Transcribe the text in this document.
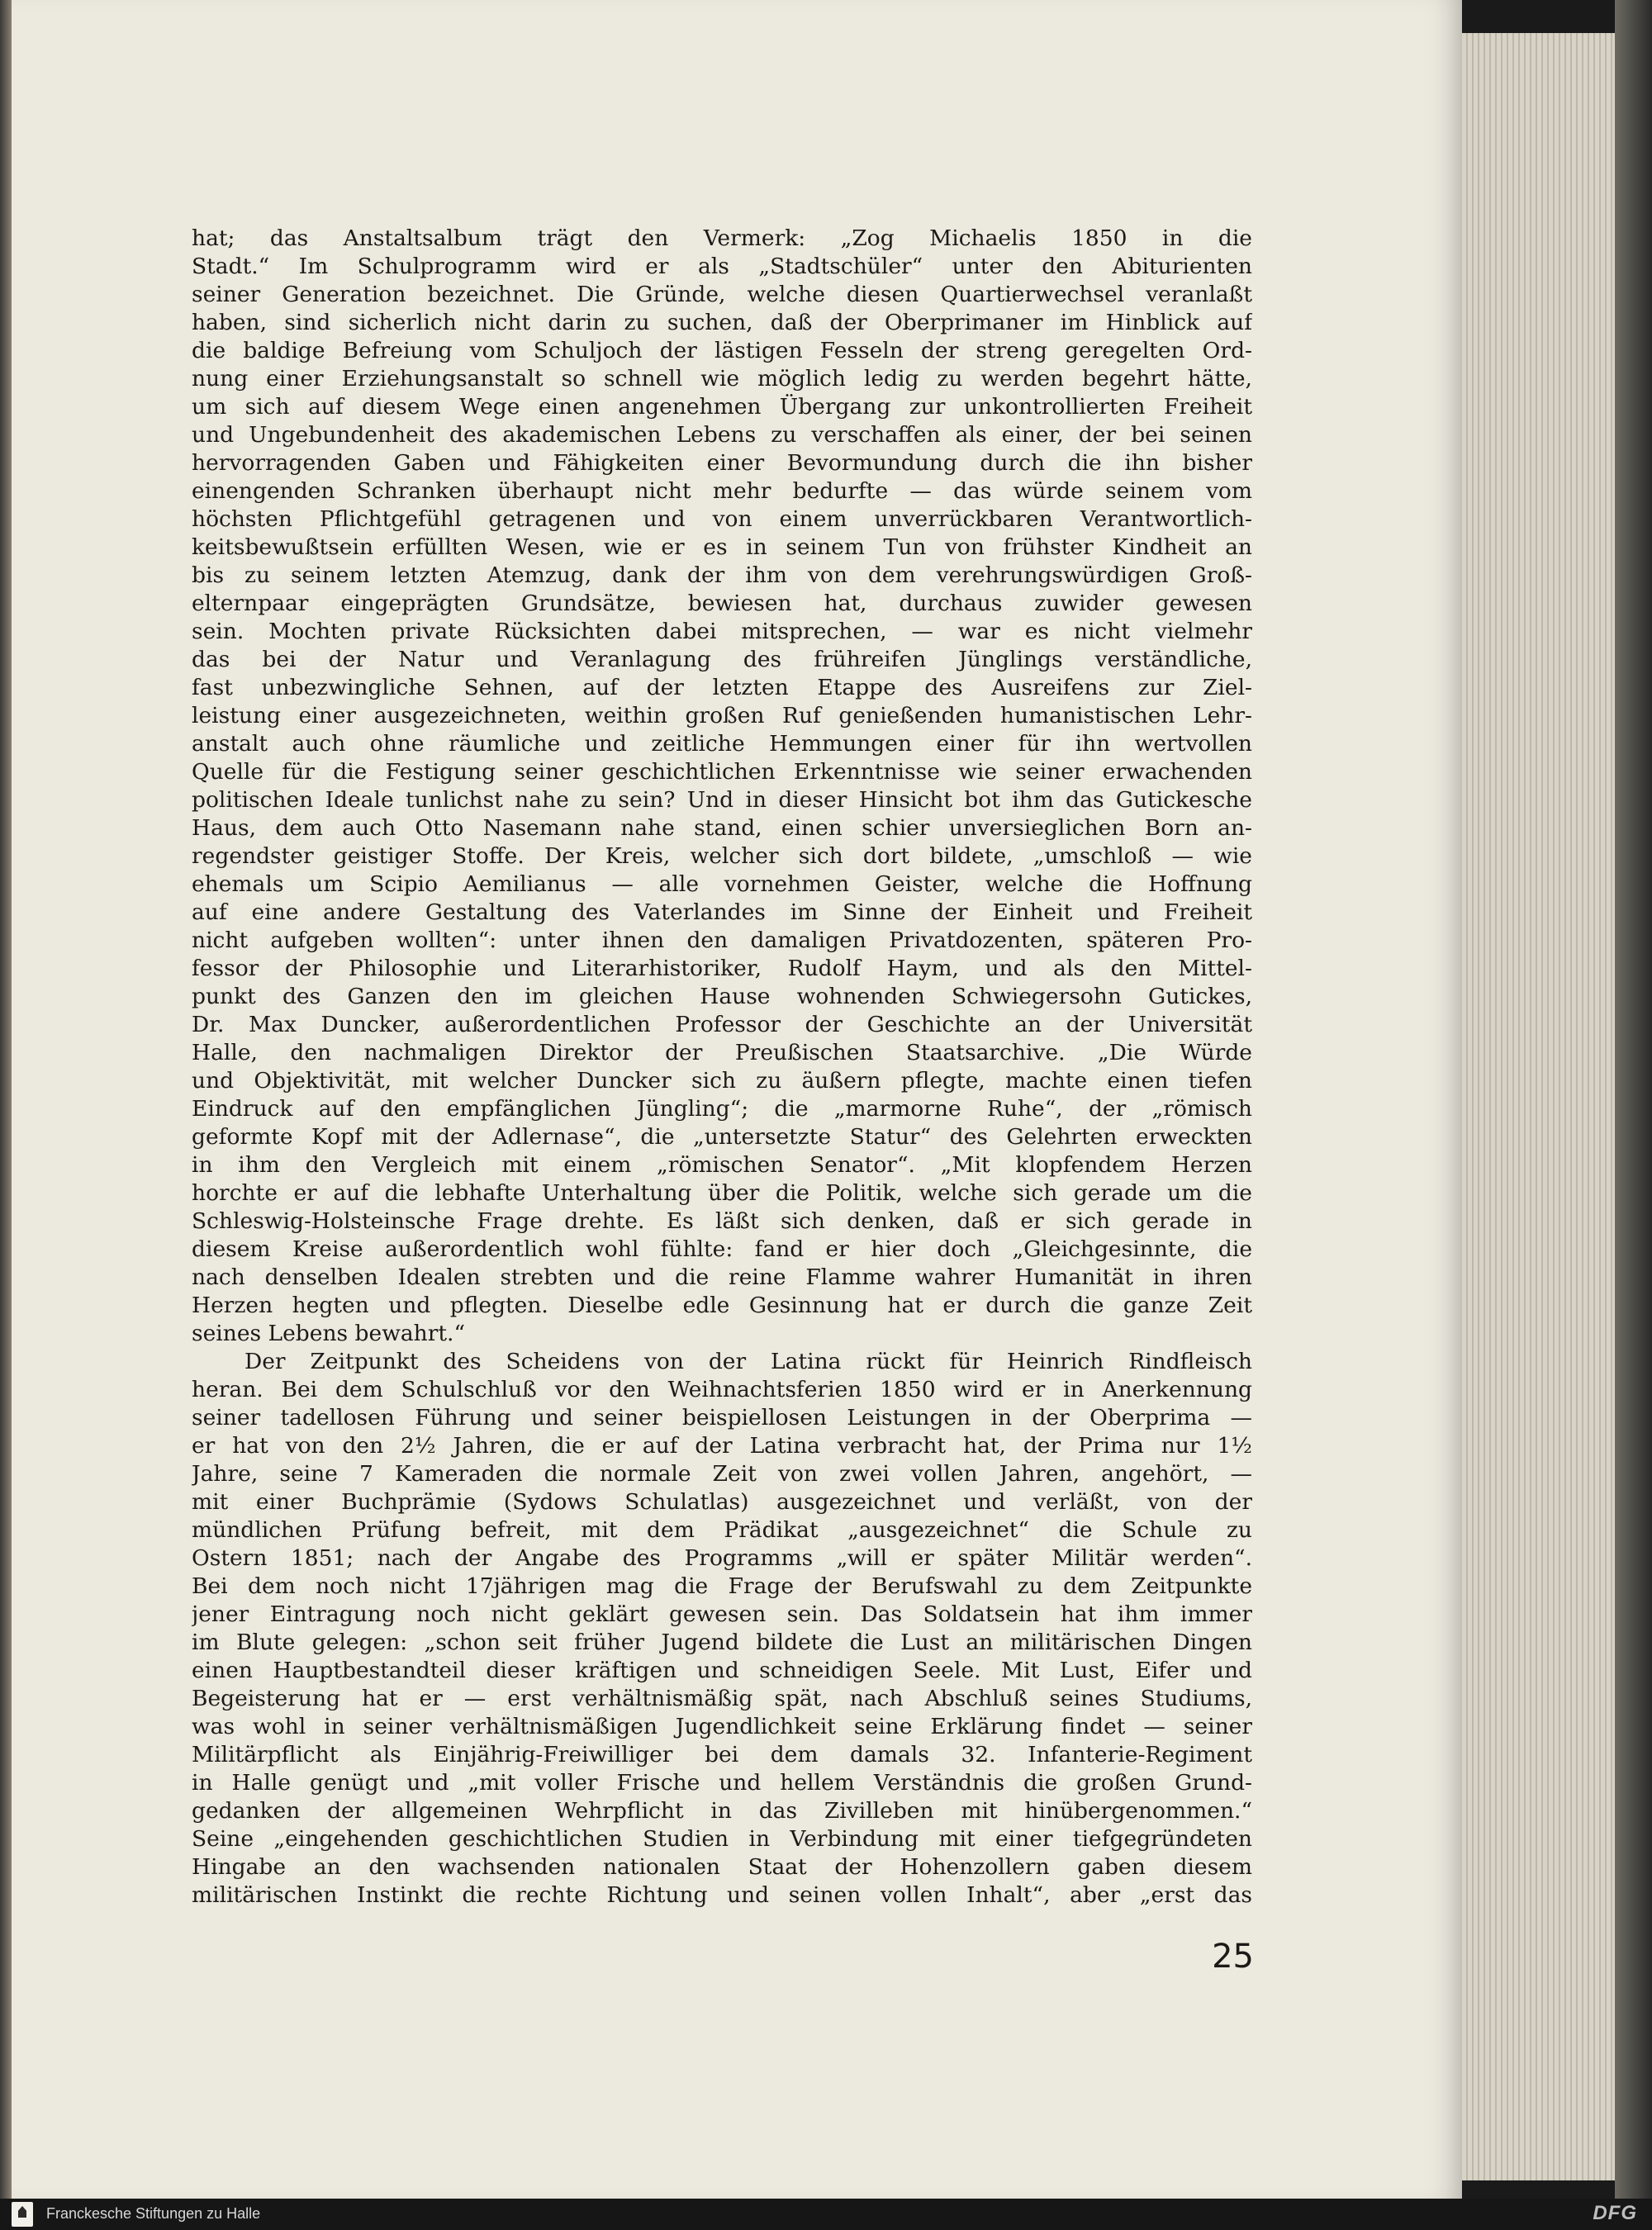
hat; das Anstaltsalbum trägt den Vermerk: „Zog Michaelis 1850 in die
Stadt.“ Im Schulprogramm wird er als „Stadtschüler“ unter den Abiturienten
seiner Generation bezeichnet. Die Gründe, welche diesen Quartierwechsel veranlaßt
haben, sind sicherlich nicht darin zu suchen, daß der Oberprimaner im Hinblick auf
die baldige Befreiung vom Schuljoch der lästigen Fesseln der streng geregelten Ord-
nung einer Erziehungsanstalt so schnell wie möglich ledig zu werden begehrt hätte,
um sich auf diesem Wege einen angenehmen Übergang zur unkontrollierten Freiheit
und Ungebundenheit des akademischen Lebens zu verschaffen als einer, der bei seinen
hervorragenden Gaben und Fähigkeiten einer Bevormundung durch die ihn bisher
einengenden Schranken überhaupt nicht mehr bedurfte — das würde seinem vom
höchsten Pflichtgefühl getragenen und von einem unverrückbaren Verantwortlich-
keitsbewußtsein erfüllten Wesen, wie er es in seinem Tun von frühster Kindheit an
bis zu seinem letzten Atemzug, dank der ihm von dem verehrungswürdigen Groß-
elternpaar eingeprägten Grundsätze, bewiesen hat, durchaus zuwider gewesen
sein. Mochten private Rücksichten dabei mitsprechen, — war es nicht vielmehr
das bei der Natur und Veranlagung des frühreifen Jünglings verständliche,
fast unbezwingliche Sehnen, auf der letzten Etappe des Ausreifens zur Ziel-
leistung einer ausgezeichneten, weithin großen Ruf genießenden humanistischen Lehr-
anstalt auch ohne räumliche und zeitliche Hemmungen einer für ihn wertvollen
Quelle für die Festigung seiner geschichtlichen Erkenntnisse wie seiner erwachenden
politischen Ideale tunlichst nahe zu sein? Und in dieser Hinsicht bot ihm das Gutickesche
Haus, dem auch Otto Nasemann nahe stand, einen schier unversieglichen Born an-
regendster geistiger Stoffe. Der Kreis, welcher sich dort bildete, „umschloß — wie
ehemals um Scipio Aemilianus — alle vornehmen Geister, welche die Hoffnung
auf eine andere Gestaltung des Vaterlandes im Sinne der Einheit und Freiheit
nicht aufgeben wollten“: unter ihnen den damaligen Privatdozenten, späteren Pro-
fessor der Philosophie und Literarhistoriker, Rudolf Haym, und als den Mittel-
punkt des Ganzen den im gleichen Hause wohnenden Schwiegersohn Gutickes,
Dr. Max Duncker, außerordentlichen Professor der Geschichte an der Universität
Halle, den nachmaligen Direktor der Preußischen Staatsarchive. „Die Würde
und Objektivität, mit welcher Duncker sich zu äußern pflegte, machte einen tiefen
Eindruck auf den empfänglichen Jüngling“; die „marmorne Ruhe“, der „römisch
geformte Kopf mit der Adlernase“, die „untersetzte Statur“ des Gelehrten erweckten
in ihm den Vergleich mit einem „römischen Senator“. „Mit klopfendem Herzen
horchte er auf die lebhafte Unterhaltung über die Politik, welche sich gerade um die
Schleswig-Holsteinsche Frage drehte. Es läßt sich denken, daß er sich gerade in
diesem Kreise außerordentlich wohl fühlte: fand er hier doch „Gleichgesinnte, die
nach denselben Idealen strebten und die reine Flamme wahrer Humanität in ihren
Herzen hegten und pflegten. Dieselbe edle Gesinnung hat er durch die ganze Zeit
seines Lebens bewahrt.“
Der Zeitpunkt des Scheidens von der Latina rückt für Heinrich Rindfleisch
heran. Bei dem Schulschluß vor den Weihnachtsferien 1850 wird er in Anerkennung
seiner tadellosen Führung und seiner beispiellosen Leistungen in der Oberprima —
er hat von den 2½ Jahren, die er auf der Latina verbracht hat, der Prima nur 1½
Jahre, seine 7 Kameraden die normale Zeit von zwei vollen Jahren, angehört, —
mit einer Buchprämie (Sydows Schulatlas) ausgezeichnet und verläßt, von der
mündlichen Prüfung befreit, mit dem Prädikat „ausgezeichnet“ die Schule zu
Ostern 1851; nach der Angabe des Programms „will er später Militär werden“.
Bei dem noch nicht 17jährigen mag die Frage der Berufswahl zu dem Zeitpunkte
jener Eintragung noch nicht geklärt gewesen sein. Das Soldatsein hat ihm immer
im Blute gelegen: „schon seit früher Jugend bildete die Lust an militärischen Dingen
einen Hauptbestandteil dieser kräftigen und schneidigen Seele. Mit Lust, Eifer und
Begeisterung hat er — erst verhältnismäßig spät, nach Abschluß seines Studiums,
was wohl in seiner verhältnismäßigen Jugendlichkeit seine Erklärung findet — seiner
Militärpflicht als Einjährig-Freiwilliger bei dem damals 32. Infanterie-Regiment
in Halle genügt und „mit voller Frische und hellem Verständnis die großen Grund-
gedanken der allgemeinen Wehrpflicht in das Zivilleben mit hinübergenommen.“
Seine „eingehenden geschichtlichen Studien in Verbindung mit einer tiefgegründeten
Hingabe an den wachsenden nationalen Staat der Hohenzollern gaben diesem
militärischen Instinkt die rechte Richtung und seinen vollen Inhalt“, aber „erst das
25
Franckesche Stiftungen zu Halle	DFG
